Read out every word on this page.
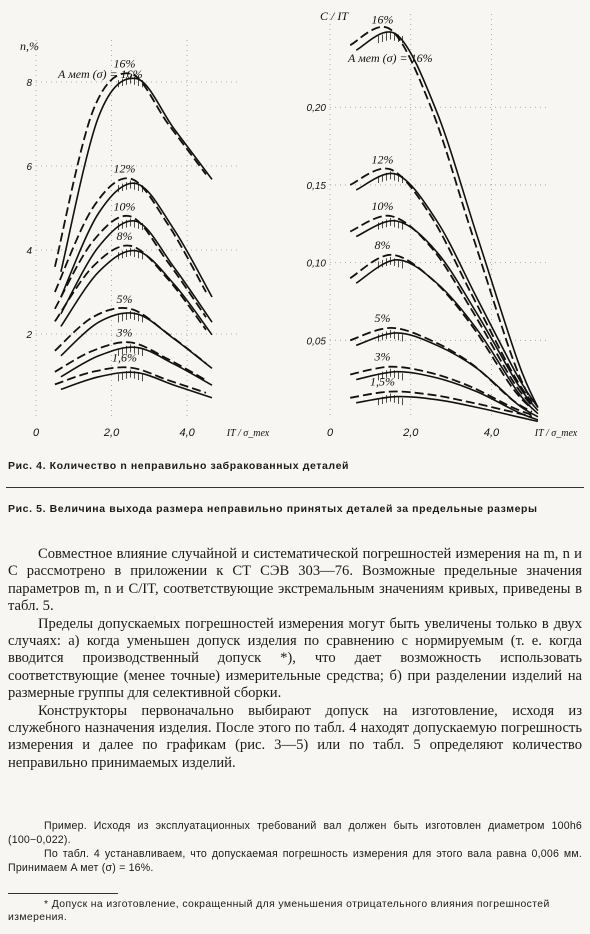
16%
12%
10%
8%
5%
3%
1,6%
0	2,0	4,0
2
4
6
8
n,%
IT / σ_тех
A мет (σ) = 16%
16%
12%
10%
8%
5%
3%
1,5%
0	2,0	4,0
0,05
0,10
0,15
0,20
C / IT
IT / σ_тех
A мет (σ) = 16%
Рис. 4. Количество n неправильно забракованных деталей
Рис. 5. Величина выхода размера неправильно принятых деталей за предельные размеры

Совместное влияние случайной и систематической погрешностей измерения на m, n и C рассмотрено в приложении к СТ СЭВ 303—76. Возможные предельные значения параметров m, n и C/IT, соответствующие экстремальным значениям кривых, приведены в табл. 5.

Пределы допускаемых погрешностей измерения могут быть увеличены только в двух случаях: а) когда уменьшен допуск изделия по сравнению с нормируемым (т. е. когда вводится производственный допуск *), что дает возможность использовать соответствующие (менее точные) измерительные средства; б) при разделении изделий на размерные группы для селективной сборки.

Конструкторы первоначально выбирают допуск на изготовление, исходя из служебного назначения изделия. После этого по табл. 4 находят допускаемую погрешность измерения и далее по графикам (рис. 3—5) или по табл. 5 определяют количество неправильно принимаемых изделий.

Пример. Исходя из эксплуатационных требований вал должен быть изготовлен диаметром 100h6 (100−0,022).

По табл. 4 устанавливаем, что допускаемая погрешность измерения для этого вала равна 0,006 мм. Принимаем A мет (σ) = 16%.

* Допуск на изготовление, сокращенный для уменьшения отрицательного влияния погрешностей измерения.
